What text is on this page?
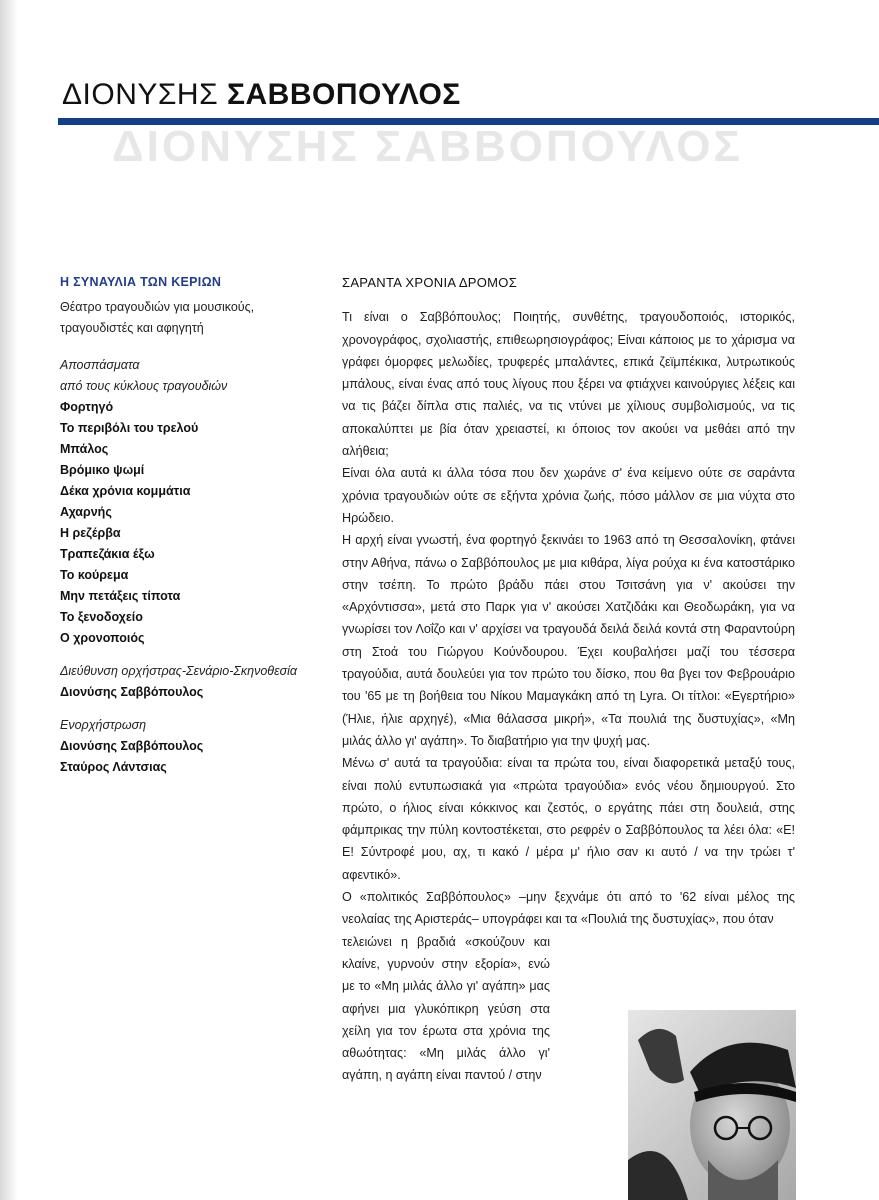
ΔΙΟΝΥΣΗΣ ΣΑΒΒΟΠΟΥΛΟΣ
ΔΙΟΝΥΣΗΣ ΣΑΒΒΟΠΟΥΛΟΣ
Η ΣΥΝΑΥΛΙΑ ΤΩΝ ΚΕΡΙΩΝ
Θέατρο τραγουδιών για μουσικούς,
τραγουδιστές και αφηγητή
Αποσπάσματα
από τους κύκλους τραγουδιών
Φορτηγό
Το περιβόλι του τρελού
Μπάλος
Βρόμικο ψωμί
Δέκα χρόνια κομμάτια
Αχαρνής
Η ρεζέρβα
Τραπεζάκια έξω
Το κούρεμα
Μην πετάξεις τίποτα
Το ξενοδοχείο
Ο χρονοποιός
Διεύθυνση ορχήστρας-Σενάριο-Σκηνοθεσία
Διονύσης Σαββόπουλος
Ενορχήστρωση
Διονύσης Σαββόπουλος
Σταύρος Λάντσιας
ΣΑΡΑΝΤΑ ΧΡΟΝΙΑ ΔΡΟΜΟΣ

Τι είναι ο Σαββόπουλος; Ποιητής, συνθέτης, τραγουδοποιός, ιστορικός, χρονογράφος, σχολιαστής, επιθεωρησιογράφος; Είναι κάποιος με το χάρισμα να γράφει όμορφες μελωδίες, τρυφερές μπαλάντες, επικά ζεϊμπέκικα, λυτρωτικούς μπάλους, είναι ένας από τους λίγους που ξέρει να φτιάχνει καινούργιες λέξεις και να τις βάζει δίπλα στις παλιές, να τις ντύνει με χίλιους συμβολισμούς, να τις αποκαλύπτει με βία όταν χρειαστεί, κι όποιος τον ακούει να μεθάει από την αλήθεια;

Είναι όλα αυτά κι άλλα τόσα που δεν χωράνε σ' ένα κείμενο ούτε σε σαράντα χρόνια τραγουδιών ούτε σε εξήντα χρόνια ζωής, πόσο μάλλον σε μια νύχτα στο Ηρώδειο.

Η αρχή είναι γνωστή, ένα φορτηγό ξεκινάει το 1963 από τη Θεσσαλονίκη, φτάνει στην Αθήνα, πάνω ο Σαββόπουλος με μια κιθάρα, λίγα ρούχα κι ένα κατοστάρικο στην τσέπη. Το πρώτο βράδυ πάει στου Τσιτσάνη για ν' ακούσει την «Αρχόντισσα», μετά στο Παρκ για ν' ακούσει Χατζιδάκι και Θεοδωράκη, για να γνωρίσει τον Λοΐζο και ν' αρχίσει να τραγουδά δειλά δειλά κοντά στη Φαραντούρη στη Στοά του Γιώργου Κούνδουρου. Έχει κουβαλήσει μαζί του τέσσερα τραγούδια, αυτά δουλεύει για τον πρώτο του δίσκο, που θα βγει τον Φεβρουάριο του '65 με τη βοήθεια του Νίκου Μαμαγκάκη από τη Lyra. Οι τίτλοι: «Εγερτήριο» (Ήλιε, ήλιε αρχηγέ), «Μια θάλασσα μικρή», «Τα πουλιά της δυστυχίας», «Μη μιλάς άλλο γι' αγάπη». Το διαβατήριο για την ψυχή μας.

Μένω σ' αυτά τα τραγούδια: είναι τα πρώτα του, είναι διαφορετικά μεταξύ τους, είναι πολύ εντυπωσιακά για «πρώτα τραγούδια» ενός νέου δημιουργού. Στο πρώτο, ο ήλιος είναι κόκκινος και ζεστός, ο εργάτης πάει στη δουλειά, στης φάμπρικας την πύλη κοντοστέκεται, στο ρεφρέν ο Σαββόπουλος τα λέει όλα: «Ε! Ε! Σύντροφέ μου, αχ, τι κακό / μέρα μ' ήλιο σαν κι αυτό / να την τρώει τ' αφεντικό».

Ο «πολιτικός Σαββόπουλος» –μην ξεχνάμε ότι από το '62 είναι μέλος της νεολαίας της Αριστεράς– υπογράφει και τα «Πουλιά της δυστυχίας», που όταν

τελειώνει η βραδιά «σκούζουν και κλαίνε, γυρνούν στην εξορία», ενώ με το «Μη μιλάς άλλο γι' αγάπη» μας αφήνει μια γλυκόπικρη γεύση στα χείλη για τον έρωτα στα χρόνια της αθωότητας: «Μη μιλάς άλλο γι' αγάπη, η αγάπη είναι παντού / στην
